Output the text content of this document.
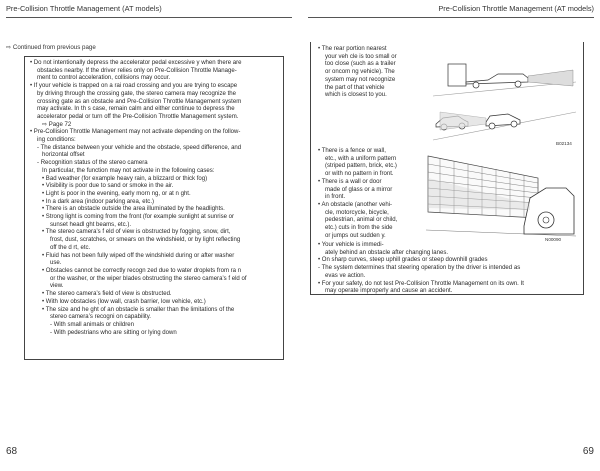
Pre-Collision Throttle Management (AT models)	Pre-Collision Throttle Management (AT models)
⇨ Continued from previous page
• Do not intentionally depress the accelerator pedal excessive y when there are
obstacles nearby. If the driver relies only on Pre-Collision Throttle Manage-
ment to control acceleration, collisions may occur.
• If your vehicle is trapped on a rai road crossing and you are trying to escape
by driving through the crossing gate, the stereo camera may recognize the
crossing gate as an obstacle and Pre-Collision Throttle Management system
may activate. In th s case, remain calm and either continue to depress the
accelerator pedal or turn off the Pre-Collision Throttle Management system.
⇨ Page 72
• Pre-Collision Throttle Management may not activate depending on the follow-
ing conditions:
- The distance between your vehicle and the obstacle, speed difference, and
horizontal offset
- Recognition status of the stereo camera
In particular, the function may not activate in the following cases:
• Bad weather (for example heavy rain, a blizzard or thick fog)
• Visibility is poor due to sand or smoke in the air.
• Light is poor in the evening, early morn ng, or at n ght.
• In a dark area (indoor parking area, etc.)
• There is an obstacle outside the area illuminated by the headlights.
• Strong light is coming from the front (for example sunlight at sunrise or
sunset headl ght beams, etc.).
• The stereo camera’s f eld of view is obstructed by fogging, snow, dirt,
frost, dust, scratches, or smears on the windshield, or by light reflecting
off the d rt, etc.
• Fluid has not been fully wiped off the windshield during or after washer
use.
• Obstacles cannot be correctly recogn zed due to water droplets from ra n
or the washer, or the wiper blades obstructing the stereo camera’s f eld of
view.
• The stereo camera’s field of view is obstructed.
• With low obstacles (low wall, crash barrier, low vehicle, etc.)
• The size and he ght of an obstacle is smaller than the limitations of the
stereo camera’s recogni on capability.
- With small animals or children
- With pedestrians who are sitting or lying down
• The rear portion nearest
your veh cle is too small or
too close (such as a trailer
or oncom ng vehicle). The
system may not recognize
the part of that vehicle
which is closest to you.
• There is a fence or wall,
etc., with a uniform pattern
(striped pattern, brick, etc.)
or with no pattern in front.
• There is a wall or door
made of glass or a mirror
in front.
• An obstacle (another vehi-
cle, motorcycle, bicycle,
pedestrian, animal or child,
etc.) cuts in from the side
or jumps out sudden y.
• Your vehicle is immedi-
ately behind an obstacle after changing lanes.
• On sharp curves, steep uphill grades or steep downhill grades
- The system determines that steering operation by the driver is intended as
evas ve action.
• For your safety, do not test Pre-Collision Throttle Management on its own. It
may operate improperly and cause an accident.
B02134
N00090
68	69
